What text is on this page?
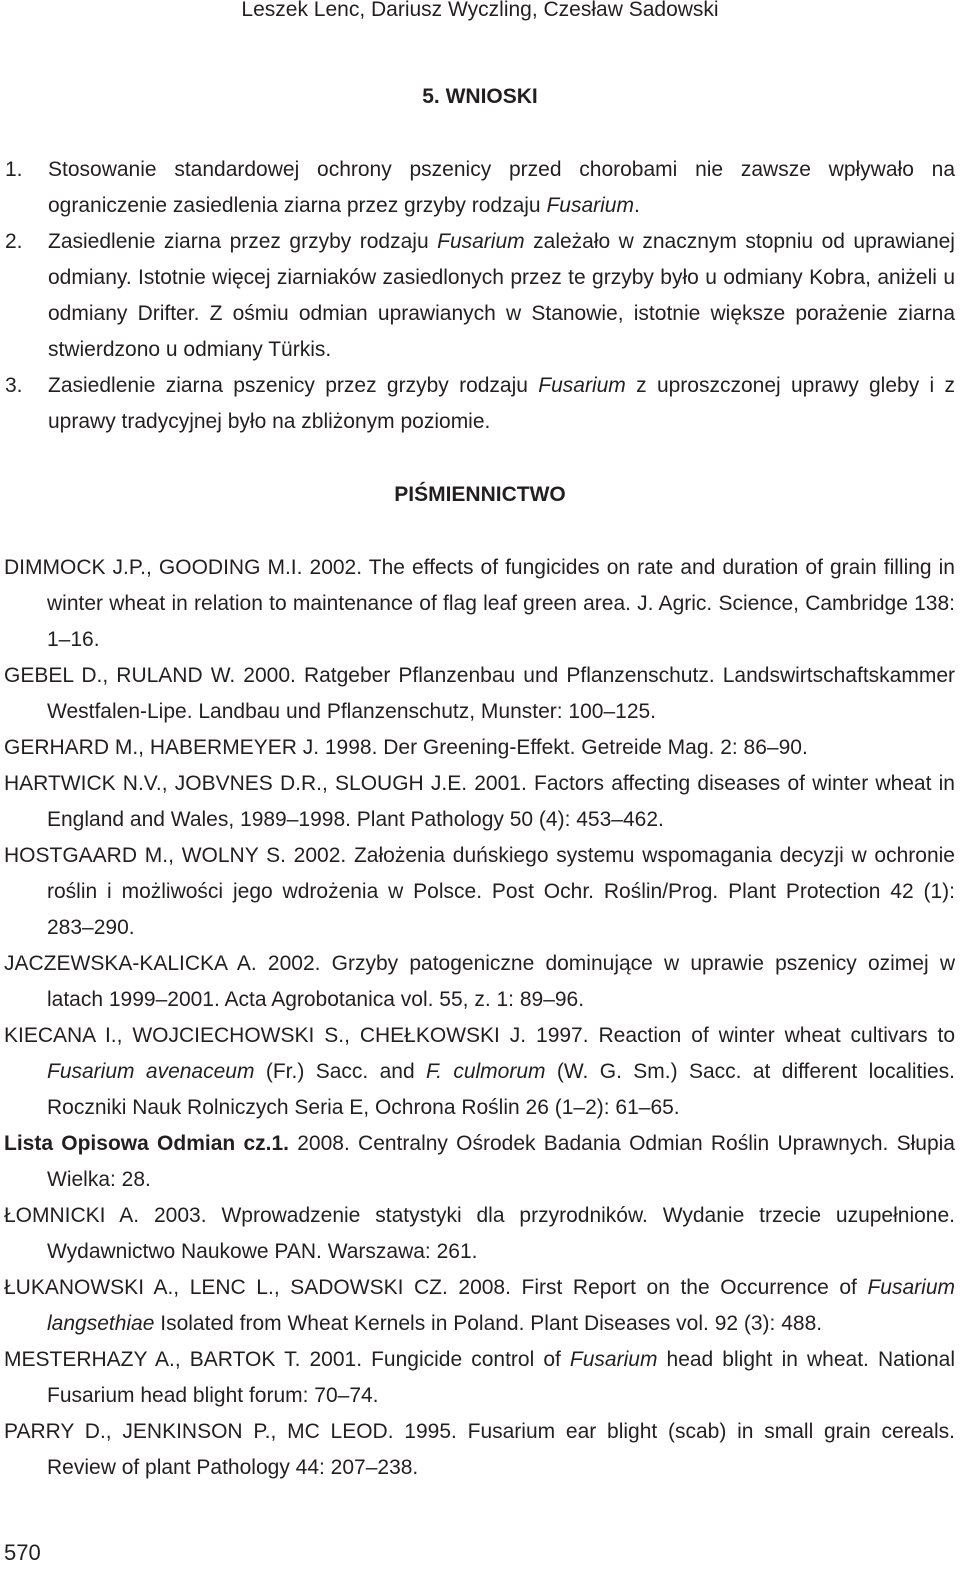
Leszek Lenc, Dariusz Wyczling, Czesław Sadowski
5. WNIOSKI
1. Stosowanie standardowej ochrony pszenicy przed chorobami nie zawsze wpływało na ograniczenie zasiedlenia ziarna przez grzyby rodzaju Fusarium.
2. Zasiedlenie ziarna przez grzyby rodzaju Fusarium zależało w znacznym stopniu od uprawianej odmiany. Istotnie więcej ziarniaków zasiedlonych przez te grzyby było u odmiany Kobra, aniżeli u odmiany Drifter. Z ośmiu odmian uprawianych w Stanowie, istotnie większe porażenie ziarna stwierdzono u odmiany Türkis.
3. Zasiedlenie ziarna pszenicy przez grzyby rodzaju Fusarium z uproszczonej uprawy gleby i z uprawy tradycyjnej było na zbliżonym poziomie.
PIŚMIENNICTWO
DIMMOCK J.P., GOODING M.I. 2002. The effects of fungicides on rate and duration of grain filling in winter wheat in relation to maintenance of flag leaf green area. J. Agric. Science, Cambridge 138: 1–16.
GEBEL D., RULAND W. 2000. Ratgeber Pflanzenbau und Pflanzenschutz. Landswirtschaftskammer Westfalen-Lipe. Landbau und Pflanzenschutz, Munster: 100–125.
GERHARD M., HABERMEYER J. 1998. Der Greening-Effekt. Getreide Mag. 2: 86–90.
HARTWICK N.V., JOBVNES D.R., SLOUGH J.E. 2001. Factors affecting diseases of winter wheat in England and Wales, 1989–1998. Plant Pathology 50 (4): 453–462.
HOSTGAARD M., WOLNY S. 2002. Założenia duńskiego systemu wspomagania decyzji w ochronie roślin i możliwości jego wdrożenia w Polsce. Post Ochr. Roślin/Prog. Plant Protection 42 (1): 283–290.
JACZEWSKA-KALICKA A. 2002. Grzyby patogeniczne dominujące w uprawie pszenicy ozimej w latach 1999–2001. Acta Agrobotanica vol. 55, z. 1: 89–96.
KIECANA I., WOJCIECHOWSKI S., CHEŁKOWSKI J. 1997. Reaction of winter wheat cultivars to Fusarium avenaceum (Fr.) Sacc. and F. culmorum (W. G. Sm.) Sacc. at different localities. Roczniki Nauk Rolniczych Seria E, Ochrona Roślin 26 (1–2): 61–65.
Lista Opisowa Odmian cz.1. 2008. Centralny Ośrodek Badania Odmian Roślin Uprawnych. Słupia Wielka: 28.
ŁOMNICKI A. 2003. Wprowadzenie statystyki dla przyrodników. Wydanie trzecie uzupełnione. Wydawnictwo Naukowe PAN. Warszawa: 261.
ŁUKANOWSKI A., LENC L., SADOWSKI CZ. 2008. First Report on the Occurrence of Fusarium langsethiae Isolated from Wheat Kernels in Poland. Plant Diseases vol. 92 (3): 488.
MESTERHAZY A., BARTOK T. 2001. Fungicide control of Fusarium head blight in wheat. National Fusarium head blight forum: 70–74.
PARRY D., JENKINSON P., MC LEOD. 1995. Fusarium ear blight (scab) in small grain cereals. Review of plant Pathology 44: 207–238.
570
